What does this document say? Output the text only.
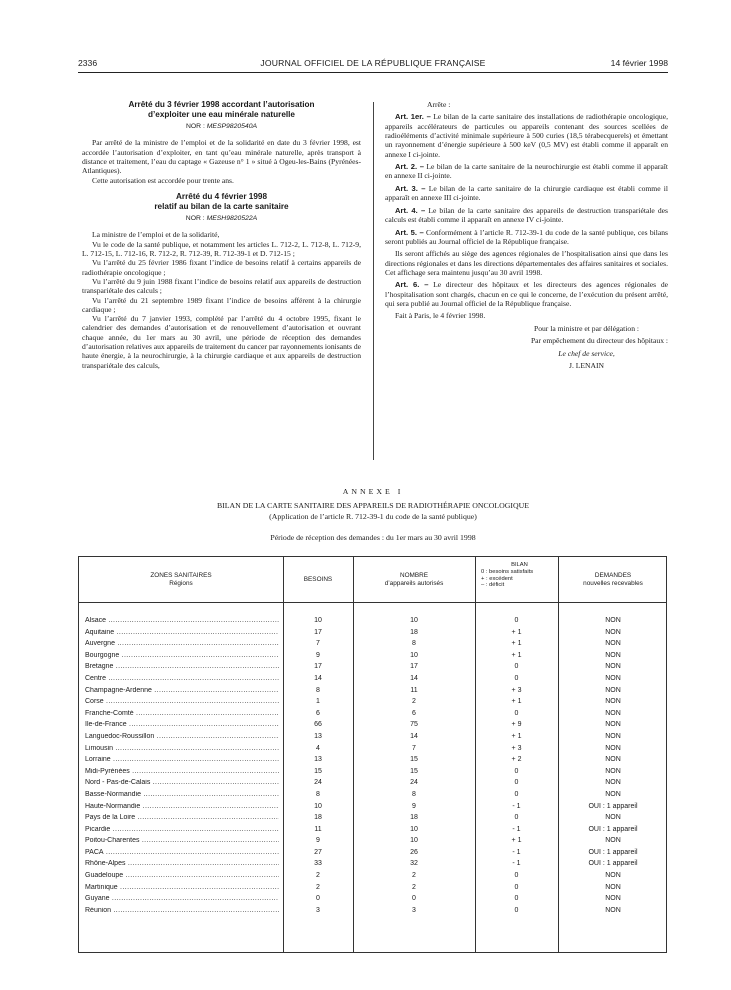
2336	JOURNAL OFFICIEL DE LA RÉPUBLIQUE FRANÇAISE	14 février 1998
Arrêté du 3 février 1998 accordant l’autorisation
d’exploiter une eau minérale naturelle
NOR : MESP9820540A

Par arrêté de la ministre de l’emploi et de la solidarité en date du 3 février 1998, est accordée l’autorisation d’exploiter, en tant qu’eau minérale naturelle, après transport à distance et traitement, l’eau du captage « Gazeuse n° 1 » situé à Ogeu-les-Bains (Pyrénées-Atlantiques).

Cette autorisation est accordée pour trente ans.

Arrêté du 4 février 1998
relatif au bilan de la carte sanitaire
NOR : MESH9820522A

La ministre de l’emploi et de la solidarité,

Vu le code de la santé publique, et notamment les articles L. 712-2, L. 712-8, L. 712-9, L. 712-15, L. 712-16, R. 712-2, R. 712-39, R. 712-39-1 et D. 712-15 ;

Vu l’arrêté du 25 février 1986 fixant l’indice de besoins relatif à certains appareils de radiothérapie oncologique ;

Vu l’arrêté du 9 juin 1988 fixant l’indice de besoins relatif aux appareils de destruction transpariétale des calculs ;

Vu l’arrêté du 21 septembre 1989 fixant l’indice de besoins afférent à la chirurgie cardiaque ;

Vu l’arrêté du 7 janvier 1993, complété par l’arrêté du 4 octobre 1995, fixant le calendrier des demandes d’autorisation et de renouvellement d’autorisation et ouvrant chaque année, du 1er mars au 30 avril, une période de réception des demandes d’autorisation relatives aux appareils de traitement du cancer par rayonnements ionisants de haute énergie, à la neurochirurgie, à la chirurgie cardiaque et aux appareils de destruction transpariétale des calculs,

Arrête :

Art. 1er. – Le bilan de la carte sanitaire des installations de radiothérapie oncologique, appareils accélérateurs de particules ou appareils contenant des sources scellées de radioéléments d’activité minimale supérieure à 500 curies (18,5 térabecquerels) et émettant un rayonnement d’énergie supérieure à 500 keV (0,5 MV) est établi comme il apparaît en annexe I ci-jointe.

Art. 2. – Le bilan de la carte sanitaire de la neurochirurgie est établi comme il apparaît en annexe II ci-jointe.

Art. 3. – Le bilan de la carte sanitaire de la chirurgie cardiaque est établi comme il apparaît en annexe III ci-jointe.

Art. 4. – Le bilan de la carte sanitaire des appareils de destruction transpariétale des calculs est établi comme il apparaît en annexe IV ci-jointe.

Art. 5. – Conformément à l’article R. 712-39-1 du code de la santé publique, ces bilans seront publiés au Journal officiel de la République française.

Ils seront affichés au siège des agences régionales de l’hospitalisation ainsi que dans les directions régionales et dans les directions départementales des affaires sanitaires et sociales. Cet affichage sera maintenu jusqu’au 30 avril 1998.

Art. 6. – Le directeur des hôpitaux et les directeurs des agences régionales de l’hospitalisation sont chargés, chacun en ce qui le concerne, de l’exécution du présent arrêté, qui sera publié au Journal officiel de la République française.

Fait à Paris, le 4 février 1998.

Pour la ministre et par délégation :

Par empêchement du directeur des hôpitaux :

Le chef de service,

J. LENAIN

ANNEXE I
BILAN DE LA CARTE SANITAIRE DES APPAREILS DE RADIOTHÉRAPIE ONCOLOGIQUE
(Application de l’article R. 712-39-1 du code de la santé publique)
Période de réception des demandes : du 1er mars au 30 avril 1998
ZONES SANITAIRES
Régions
BESOINS
NOMBRE
d’appareils autorisés
BILAN
0 : besoins satisfaits
+ : excédent
– : déficit
DEMANDES
nouvelles recevables
Alsace .....	10	10	0	NON
Aquitaine .....	17	18	+ 1	NON
Auvergne .....	7	8	+ 1	NON
Bourgogne .....	9	10	+ 1	NON
Bretagne .....	17	17	0	NON
Centre .....	14	14	0	NON
Champagne-Ardenne .....	8	11	+ 3	NON
Corse .....	1	2	+ 1	NON
Franche-Comté .....	6	6	0	NON
Ile-de-France .....	66	75	+ 9	NON
Languedoc-Roussillon .....	13	14	+ 1	NON
Limousin .....	4	7	+ 3	NON
Lorraine .....	13	15	+ 2	NON
Midi-Pyrénées .....	15	15	0	NON
Nord - Pas-de-Calais .....	24	24	0	NON
Basse-Normandie .....	8	8	0	NON
Haute-Normandie .....	10	9	- 1	OUI : 1 appareil
Pays de la Loire .....	18	18	0	NON
Picardie .....	11	10	- 1	OUI : 1 appareil
Poitou-Charentes .....	9	10	+ 1	NON
PACA .....	27	26	- 1	OUI : 1 appareil
Rhône-Alpes .....	33	32	- 1	OUI : 1 appareil
Guadeloupe .....	2	2	0	NON
Martinique .....	2	2	0	NON
Guyane .....	0	0	0	NON
Réunion .....	3	3	0	NON
